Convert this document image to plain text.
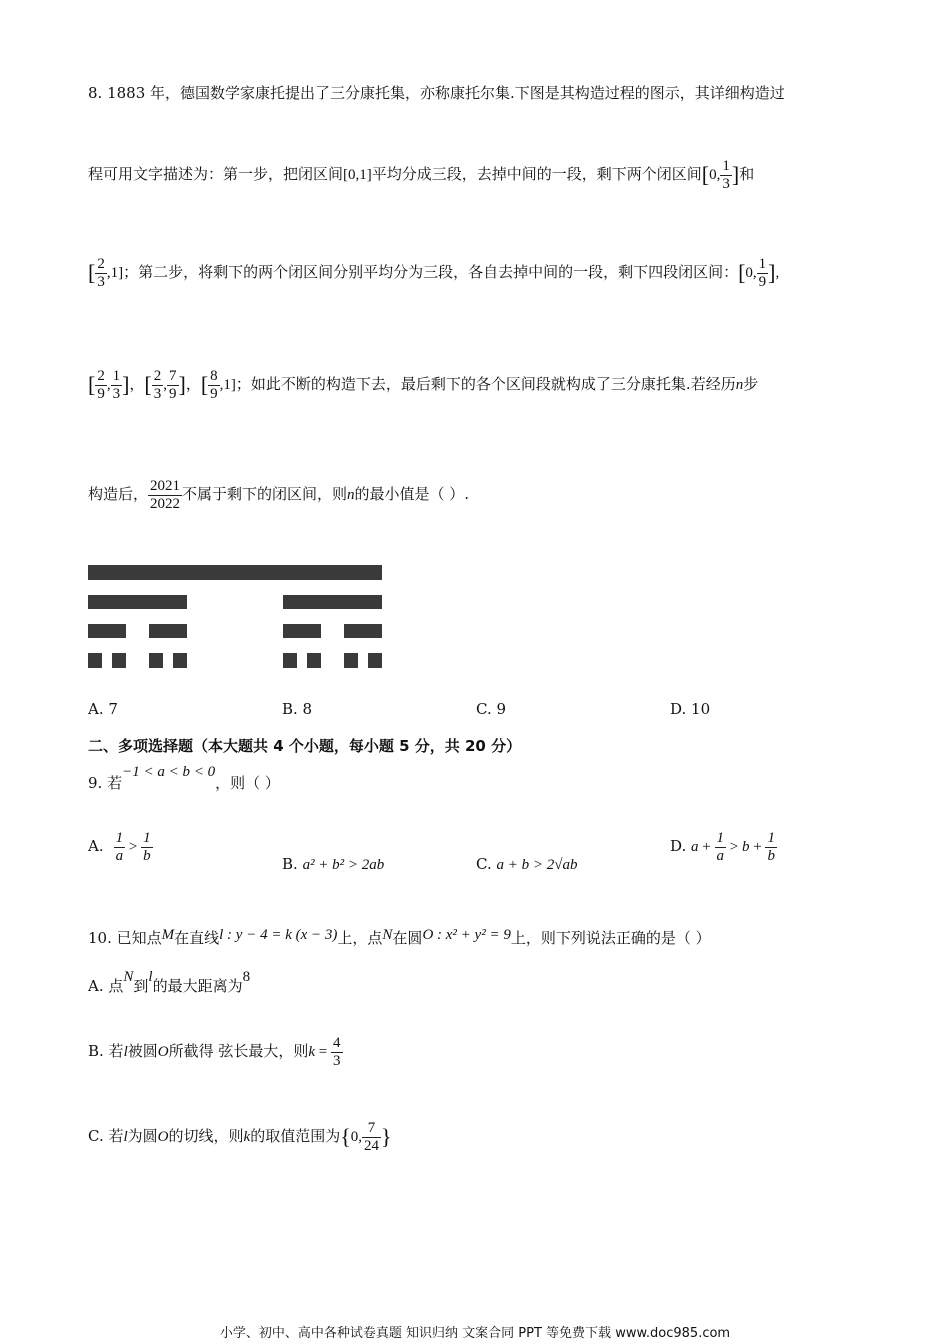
8. 1883 年，德国数学家康托提出了三分康托集，亦称康托尔集.下图是其构造过程的图示，其详细构造过
程可用文字描述为：第一步，把闭区间[0,1]平均分成三段，去掉中间的一段，剩下两个闭区间[0, $\frac{1}{3}$ ]和
[ $\frac{2}{3} ,1$]；第二步，将剩下的两个闭区间分别平均分为三段，各自去掉中间的一段，剩下四段闭区间：[0, $\frac{1}{9}$ ],
[ $\frac{2}{9}$ , $\frac{1}{3}$ ]，[ $\frac{2}{3}$ , $\frac{7}{9}$ ]，[ $\frac{8}{9} ,1$]；如此不断的构造下去，最后剩下的各个区间段就构成了三分康托集.若经历n步
构造后， $\frac{2021}{2022}$ 不属于剩下的闭区间，则n的最小值是（ ）.
A. 7	B. 8	C. 9	D. 10
二、多项选择题（本大题共 4 个小题，每小题 5 分，共 20 分）
9. 若−1 < a < b < 0，则（ ）
A. $\frac{1}{a} > \frac{1}{b}$	B. a² + b² > 2ab	C. a + b > 2√ab
D. $a + \frac{1}{a} > b + \frac{1}{b}$
10. 已知点M在直线l : y − 4 = k (x − 3)上，点N在圆O : x² + y² = 9上，则下列说法正确的是（ ）
A. 点N到l的最大距离为8
B. 若l被圆O所截得 弦长最大，则$k = \frac{4}{3}$
C. 若l为圆O的切线，则k的取值范围为{0, $\frac{7}{24}$ }
小学、初中、高中各种试卷真题 知识归纳 文案合同 PPT 等免费下载 www.doc985.com
